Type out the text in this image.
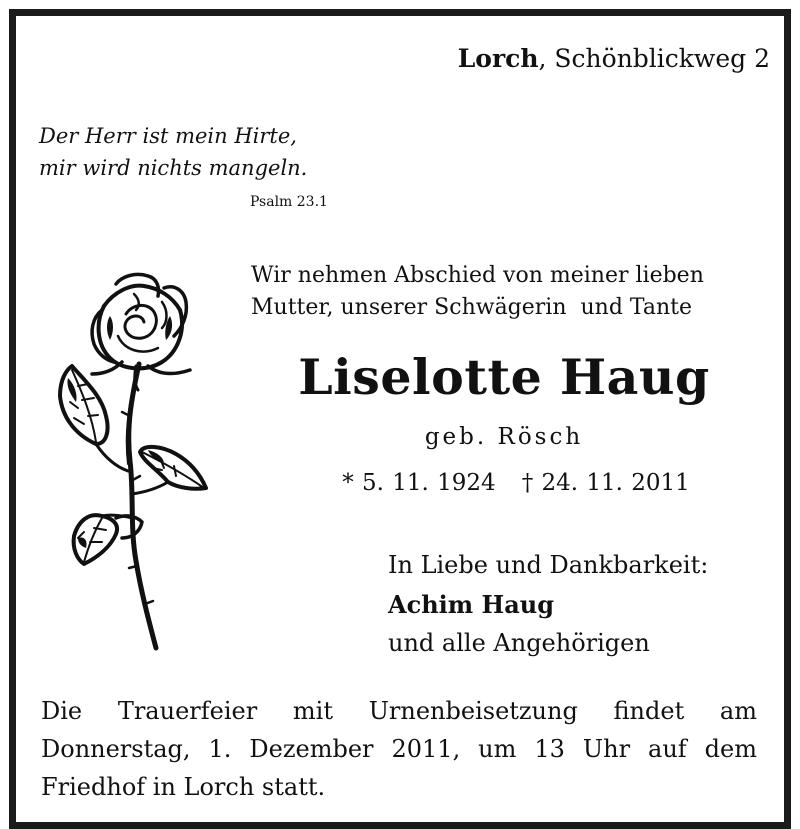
Lorch, Schönblickweg 2
Der Herr ist mein Hirte,
mir wird nichts mangeln.
Psalm 23.1
Wir nehmen Abschied von meiner lieben
Mutter, unserer Schwägerin  und Tante
Liselotte Haug
geb. Rösch
* 5. 11. 1924 † 24. 11. 2011
In Liebe und Dankbarkeit:
Achim Haug
und alle Angehörigen
Die Trauerfeier mit Urnenbeisetzung findet am Donnerstag, 1. Dezember 2011, um 13 Uhr auf dem Friedhof in Lorch statt.
